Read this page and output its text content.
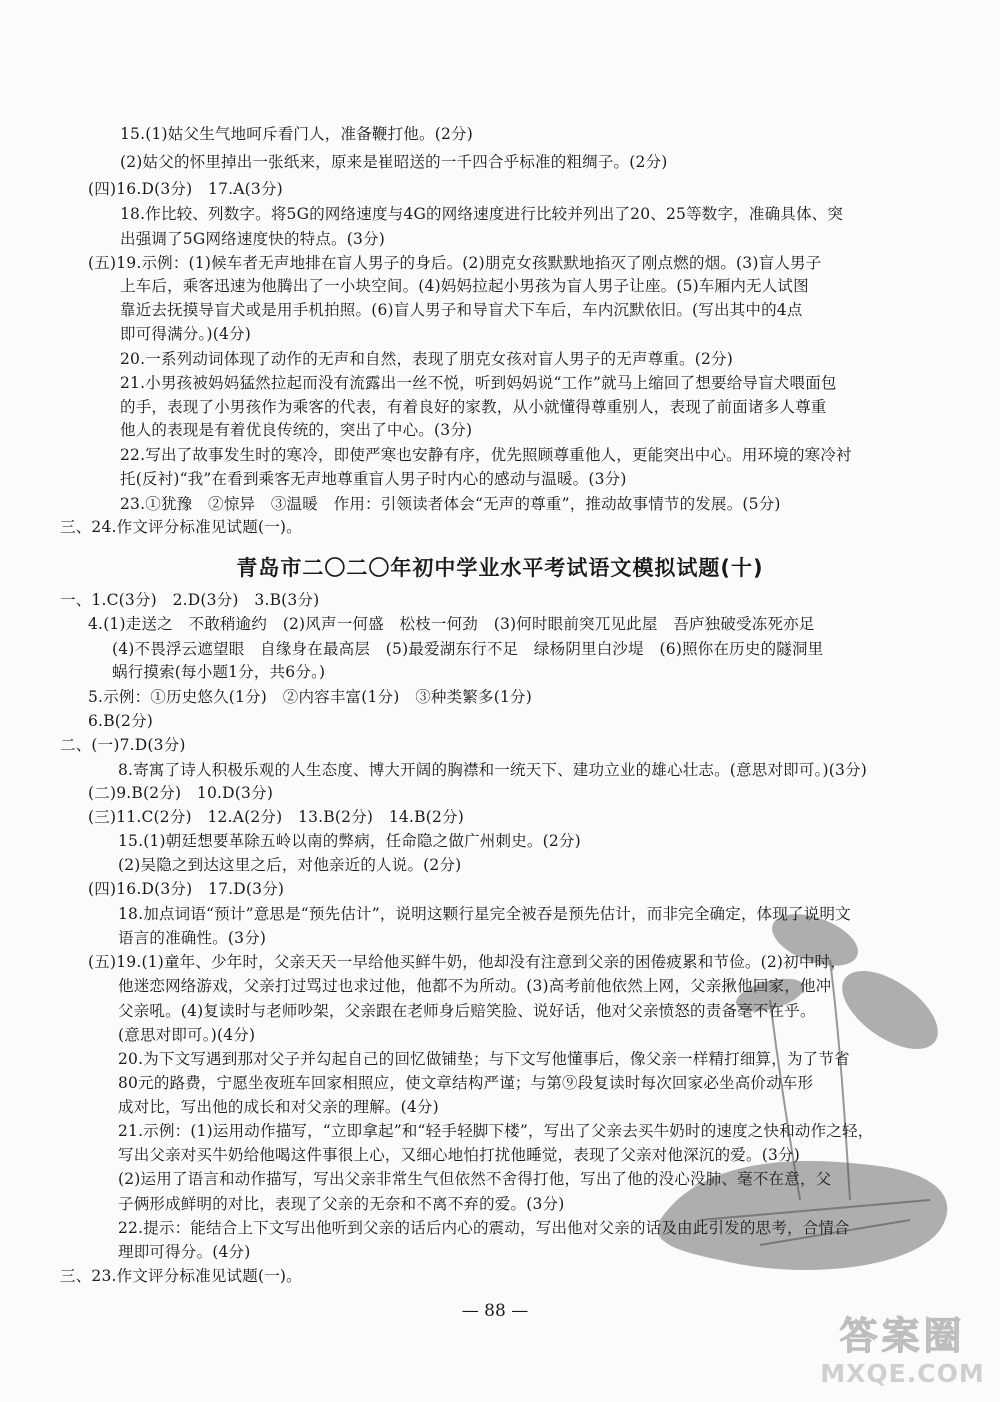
15.(1)姑父生气地呵斥看门人，准备鞭打他。(2分)
(2)姑父的怀里掉出一张纸来，原来是崔昭送的一千四合乎标准的粗绸子。(2分)
(四)16.D(3分)　17.A(3分)
18.作比较、列数字。将5G的网络速度与4G的网络速度进行比较并列出了20、25等数字，准确具体、突
出强调了5G网络速度快的特点。(3分)
(五)19.示例：(1)候车者无声地排在盲人男子的身后。(2)朋克女孩默默地掐灭了刚点燃的烟。(3)盲人男子
上车后，乘客迅速为他腾出了一小块空间。(4)妈妈拉起小男孩为盲人男子让座。(5)车厢内无人试图
靠近去抚摸导盲犬或是用手机拍照。(6)盲人男子和导盲犬下车后，车内沉默依旧。(写出其中的4点
即可得满分。)(4分)
20.一系列动词体现了动作的无声和自然，表现了朋克女孩对盲人男子的无声尊重。(2分)
21.小男孩被妈妈猛然拉起而没有流露出一丝不悦，听到妈妈说“工作”就马上缩回了想要给导盲犬喂面包
的手，表现了小男孩作为乘客的代表，有着良好的家教，从小就懂得尊重别人，表现了前面诸多人尊重
他人的表现是有着优良传统的，突出了中心。(3分)
22.写出了故事发生时的寒冷，即使严寒也安静有序，优先照顾尊重他人，更能突出中心。用环境的寒冷衬
托(反衬)“我”在看到乘客无声地尊重盲人男子时内心的感动与温暖。(3分)
23.①犹豫　②惊异　③温暖　作用：引领读者体会“无声的尊重”，推动故事情节的发展。(5分)
三、24.作文评分标准见试题(一)。
青岛市二〇二〇年初中学业水平考试语文模拟试题(十)
一、1.C(3分)　2.D(3分)　3.B(3分)
4.(1)走送之　不敢稍逾约　(2)风声一何盛　松枝一何劲　(3)何时眼前突兀见此屋　吾庐独破受冻死亦足
(4)不畏浮云遮望眼　自缘身在最高层　(5)最爱湖东行不足　绿杨阴里白沙堤　(6)照你在历史的隧洞里
蜗行摸索(每小题1分，共6分。)
5.示例：①历史悠久(1分)　②内容丰富(1分)　③种类繁多(1分)
6.B(2分)
二、(一)7.D(3分)
8.寄寓了诗人积极乐观的人生态度、博大开阔的胸襟和一统天下、建功立业的雄心壮志。(意思对即可。)(3分)
(二)9.B(2分)　10.D(3分)
(三)11.C(2分)　12.A(2分)　13.B(2分)　14.B(2分)
15.(1)朝廷想要革除五岭以南的弊病，任命隐之做广州刺史。(2分)
(2)吴隐之到达这里之后，对他亲近的人说。(2分)
(四)16.D(3分)　17.D(3分)
18.加点词语“预计”意思是“预先估计”，说明这颗行星完全被吞是预先估计，而非完全确定，体现了说明文
语言的准确性。(3分)
(五)19.(1)童年、少年时，父亲天天一早给他买鲜牛奶，他却没有注意到父亲的困倦疲累和节俭。(2)初中时，
他迷恋网络游戏，父亲打过骂过也求过他，他都不为所动。(3)高考前他依然上网，父亲揪他回家，他冲
父亲吼。(4)复读时与老师吵架，父亲跟在老师身后赔笑脸、说好话，他对父亲愤怒的责备毫不在乎。
(意思对即可。)(4分)
20.为下文写遇到那对父子并勾起自己的回忆做铺垫；与下文写他懂事后，像父亲一样精打细算，为了节省
80元的路费，宁愿坐夜班车回家相照应，使文章结构严谨；与第⑨段复读时每次回家必坐高价动车形
成对比，写出他的成长和对父亲的理解。(4分)
21.示例：(1)运用动作描写，“立即拿起”和“轻手轻脚下楼”，写出了父亲去买牛奶时的速度之快和动作之轻，
写出父亲对买牛奶给他喝这件事很上心，又细心地怕打扰他睡觉，表现了父亲对他深沉的爱。(3分)
(2)运用了语言和动作描写，写出父亲非常生气但依然不舍得打他，写出了他的没心没肺、毫不在意，父
子俩形成鲜明的对比，表现了父亲的无奈和不离不弃的爱。(3分)
22.提示：能结合上下文写出他听到父亲的话后内心的震动，写出他对父亲的话及由此引发的思考，合情合
理即可得分。(4分)
三、23.作文评分标准见试题(一)。
— 88 —
答案圈
MXQE.COM
